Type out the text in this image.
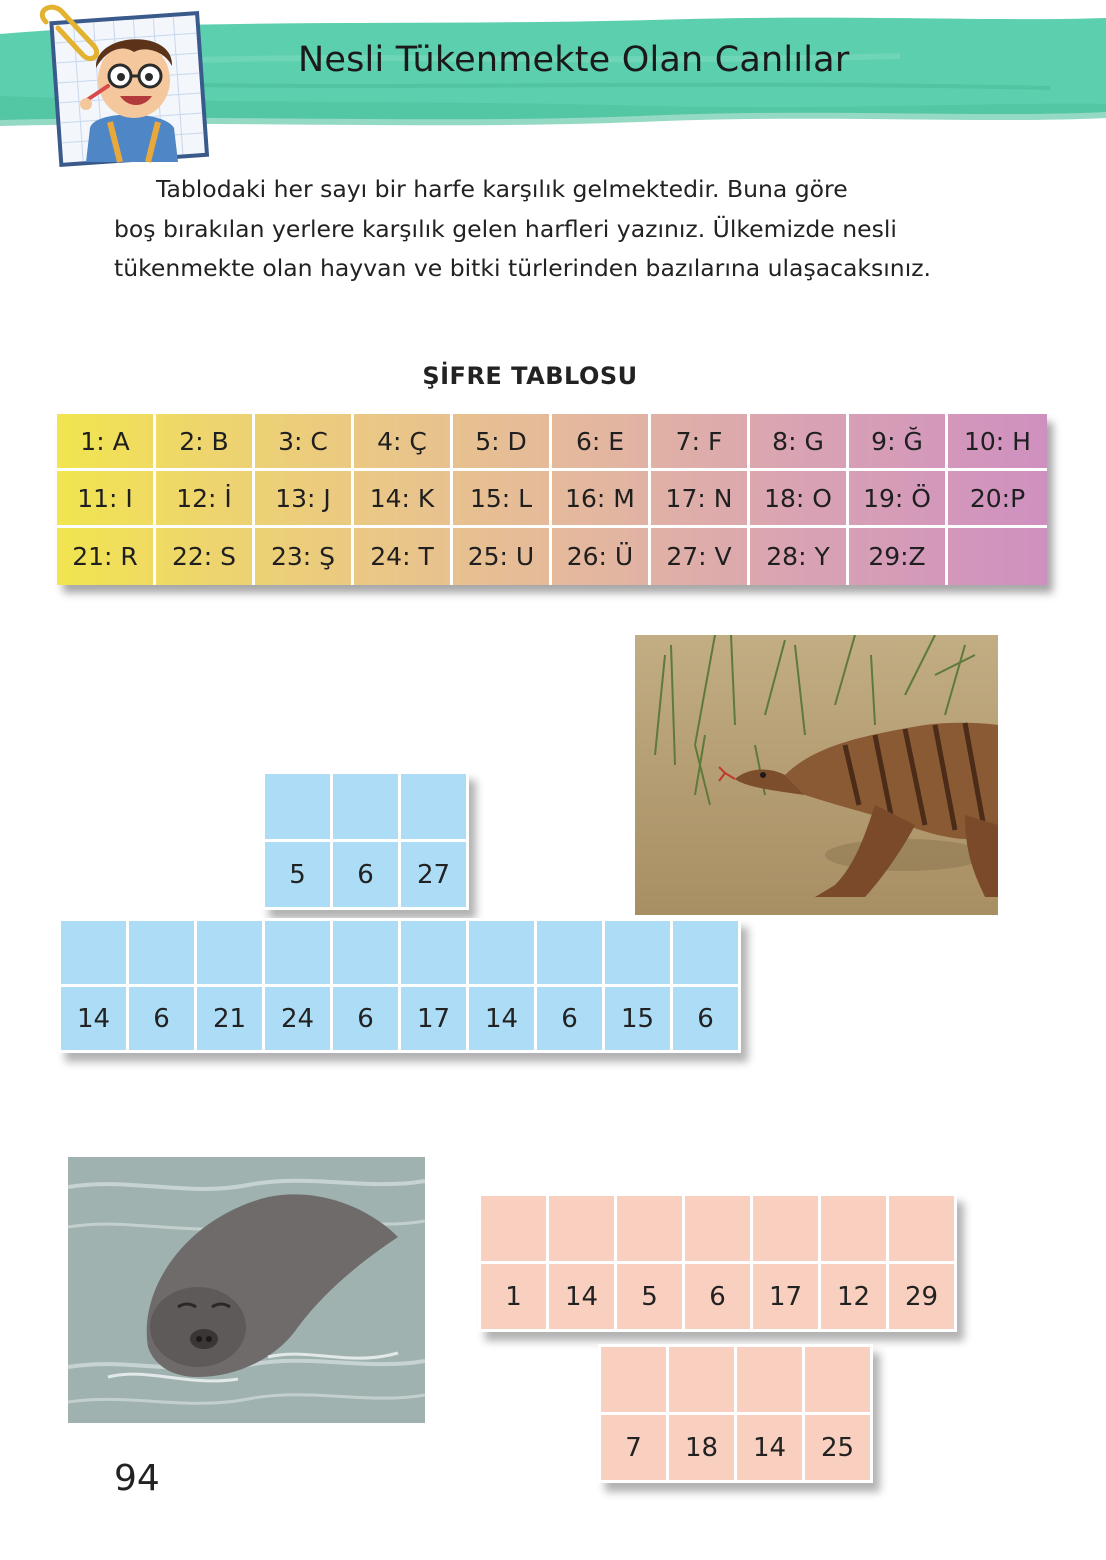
Nesli Tükenmekte Olan Canlılar
Tablodaki her sayı bir harfe karşılık gelmektedir. Buna göre
boş bırakılan yerlere karşılık gelen harfleri yazınız. Ülkemizde nesli
tükenmekte olan hayvan ve bitki türlerinden bazılarına ulaşacaksınız.
ŞİFRE TABLOSU
1: A	2: B	3: C	4: Ç	5: D	6: E	7: F	8: G	9: Ğ	10: H
11: I	12: İ	13: J	14: K	15: L	16: M	17: N	18: O	19: Ö	20:P
21: R	22: S	23: Ş	24: T	25: U	26: Ü	27: V	28: Y	29:Z
5	6	27
14	6	21	24	6	17	14	6	15	6
1	14	5	6	17	12	29
7	18	14	25
94
